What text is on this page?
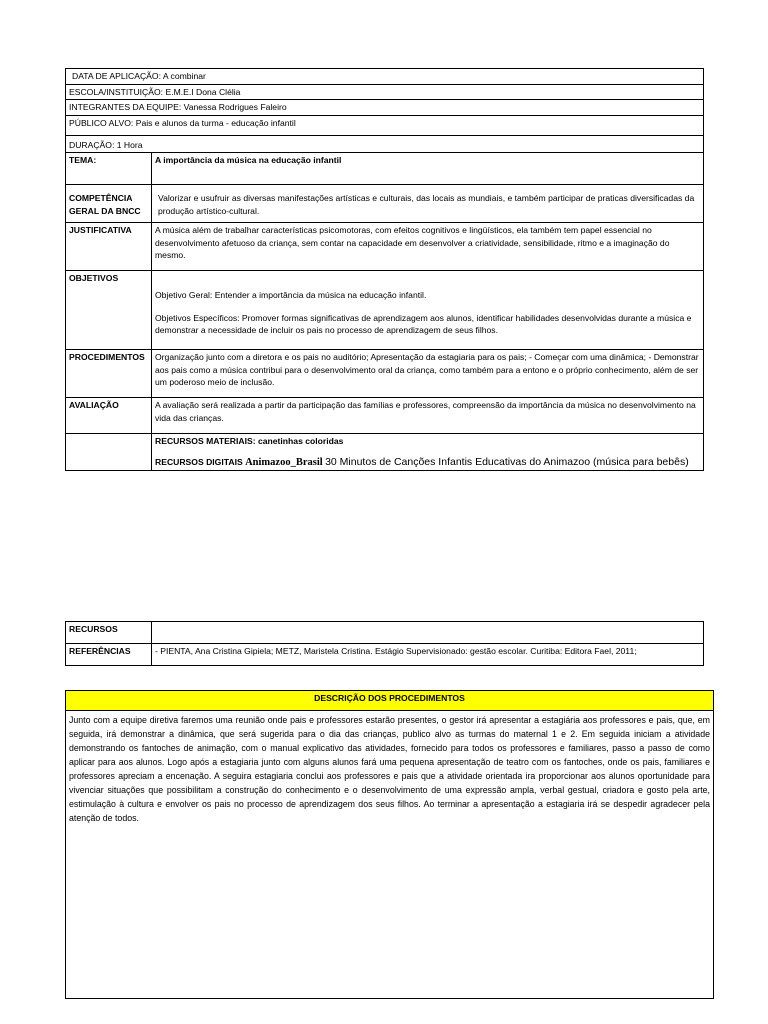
DATA DE APLICAÇÃO: A combinar	
ESCOLA/INSTITUIÇÃO: E.M.E.I Dona Clélia	
INTEGRANTES DA EQUIPE: Vanessa Rodrigues Faleiro	
PÚBLICO ALVO: Pais e alunos da turma - educação infantil	
DURAÇÃO: 1 Hora	
TEMA:	A importância da música na educação infantil
COMPETÊNCIA GERAL DA BNCC	Valorizar e usufruir as diversas manifestações artísticas e culturais, das locais as mundiais, e também participar de praticas diversificadas da produção artístico-cultural.
JUSTIFICATIVA	A música além de trabalhar características psicomotoras, com efeitos cognitivos e lingüísticos, ela também tem papel essencial no desenvolvimento afetuoso da criança, sem contar na capacidade em desenvolver a criatividade, sensibilidade, ritmo e a imaginação do mesmo.
OBJETIVOS	Objetivo Geral: Entender a importância da música na educação infantil.

Objetivos Específicos: Promover formas significativas de aprendizagem aos alunos, identificar habilidades desenvolvidas durante a música e demonstrar a necessidade de incluir os pais no processo de aprendizagem de seus filhos.

PROCEDIMENTOS	Organização junto com a diretora e os pais no auditório; Apresentação da estagiaria para os pais; - Começar com uma dinâmica; - Demonstrar aos pais como a música contribui para o desenvolvimento oral da criança, como também para a entono e o próprio conhecimento, além de ser um poderoso meio de inclusão.
AVALIAÇÃO	A avaliação será realizada a partir da participação das famílias e professores, compreensão da importância da música no desenvolvimento na vida das crianças.

	RECURSOS MATERIAIS: canetinhas coloridas
RECURSOS DIGITAIS Animazoo_Brasil 30 Minutos de Canções Infantis Educativas do Animazoo (música para bebês)
RECURSOS	
REFERÊNCIAS	- PIENTA, Ana Cristina Gipiela; METZ, Maristela Cristina. Estágio Supervisionado: gestão escolar. Curitiba: Editora Fael, 2011;
DESCRIÇÃO DOS PROCEDIMENTOS
Junto com a equipe diretiva faremos uma reunião onde pais e professores estarão presentes, o gestor irá apresentar a estagiária aos professores e pais, que, em seguida, irá demonstrar a dinâmica, que será sugerida para o dia das crianças, publico alvo as turmas do maternal 1 e 2. Em seguida iniciam a atividade demonstrando os fantoches de animação, com o manual explicativo das atividades, fornecido para todos os professores e familiares, passo a passo de como aplicar para aos alunos. Logo após a estagiaria junto com alguns alunos fará uma pequena apresentação de teatro com os fantoches, onde os pais, familiares e professores apreciam a encenação. A seguira estagiaria conclui aos professores e pais que a atividade orientada ira proporcionar aos alunos oportunidade para vivenciar situações que possibilitam a construção do conhecimento e o desenvolvimento de uma expressão ampla, verbal gestual, criadora e gosto pela arte, estimulação à cultura e envolver os pais no processo de aprendizagem dos seus filhos. Ao terminar a apresentação a estagiaria irá se despedir agradecer pela atenção de todos.
